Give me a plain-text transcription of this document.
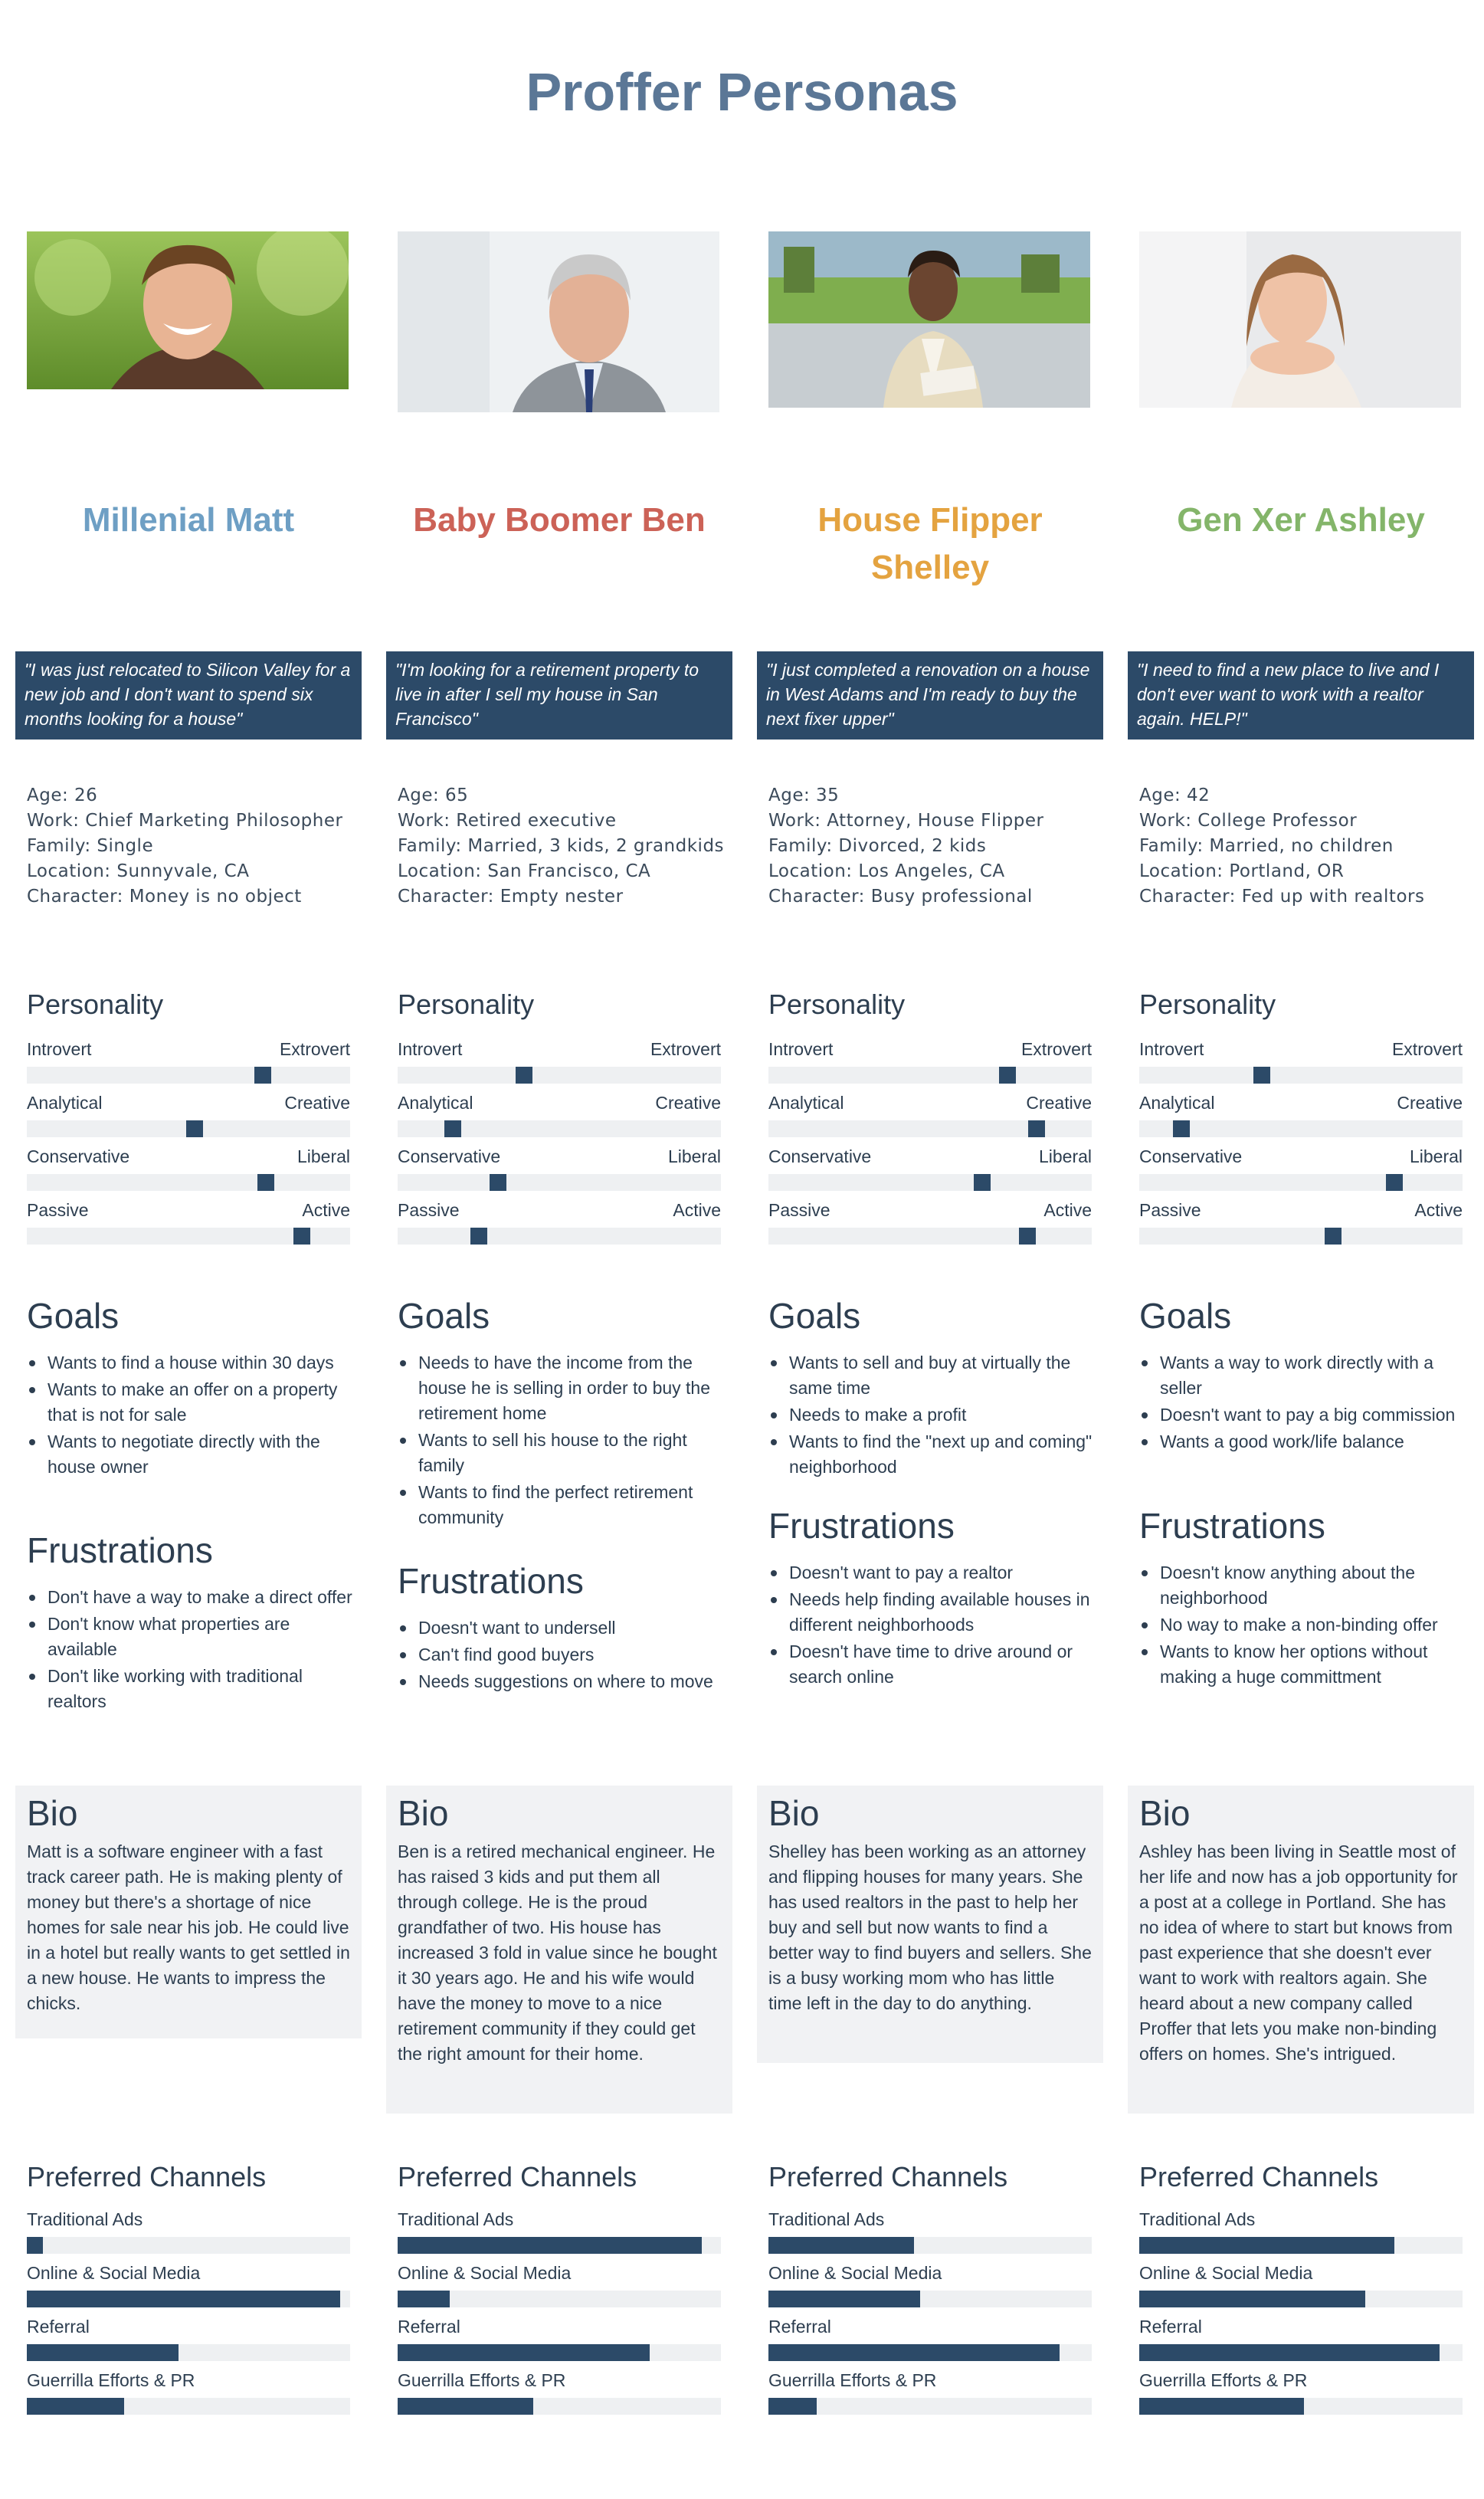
Proffer Personas
Millenial Matt
"I was just relocated to Silicon Valley for a new job and I don't want to spend six months looking for a house"
Age: 26
Work: Chief Marketing Philosopher
Family: Single
Location: Sunnyvale, CA
Character: Money is no object
Personality
Introvert	Extrovert
Analytical	Creative
Conservative	Liberal
Passive	Active
Goals
Wants to find a house within 30 days
Wants to make an offer on a property that is not for sale
Wants to negotiate directly with the house owner
Frustrations
Don't have a way to make a direct offer
Don't know what properties are available
Don't like working with traditional realtors
Bio

Matt is a software engineer with a fast track career path. He is making plenty of money but there's a shortage of nice homes for sale near his job. He could live in a hotel but really wants to get settled in a new house. He wants to impress the chicks.

Preferred Channels
Traditional Ads
Online & Social Media
Referral
Guerrilla Efforts & PR
Baby Boomer Ben
"I'm looking for a retirement property to live in after I sell my house in San Francisco"
Age: 65
Work: Retired executive
Family: Married, 3 kids, 2 grandkids
Location: San Francisco, CA
Character: Empty nester
Personality
Introvert	Extrovert
Analytical	Creative
Conservative	Liberal
Passive	Active
Goals
Needs to have the income from the house he is selling in order to buy the retirement home
Wants to sell his house to the right family
Wants to find the perfect retirement community
Frustrations
Doesn't want to undersell
Can't find good buyers
Needs suggestions on where to move
Bio

Ben is a retired mechanical engineer. He has raised 3 kids and put them all through college. He is the proud grandfather of two. His house has increased 3 fold in value since he bought it 30 years ago. He and his wife would have the money to move to a nice retirement community if they could get the right amount for their home.

Preferred Channels
Traditional Ads
Online & Social Media
Referral
Guerrilla Efforts & PR
House Flipper Shelley
"I just completed a renovation on a house in West Adams and I'm ready to buy the next fixer upper"
Age: 35
Work: Attorney, House Flipper
Family: Divorced, 2 kids
Location: Los Angeles, CA
Character: Busy professional
Personality
Introvert	Extrovert
Analytical	Creative
Conservative	Liberal
Passive	Active
Goals
Wants to sell and buy at virtually the same time
Needs to make a profit
Wants to find the "next up and coming" neighborhood
Frustrations
Doesn't want to pay a realtor
Needs help finding available houses in different neighborhoods
Doesn't have time to drive around or search online
Bio

Shelley has been working as an attorney and flipping houses for many years. She has used realtors in the past to help her buy and sell but now wants to find a better way to find buyers and sellers. She is a busy working mom who has little time left in the day to do anything.

Preferred Channels
Traditional Ads
Online & Social Media
Referral
Guerrilla Efforts & PR
Gen Xer Ashley
"I need to find a new place to live and I don't ever want to work with a realtor again. HELP!"
Age: 42
Work: College Professor
Family: Married, no children
Location: Portland, OR
Character: Fed up with realtors
Personality
Introvert	Extrovert
Analytical	Creative
Conservative	Liberal
Passive	Active
Goals
Wants a way to work directly with a seller
Doesn't want to pay a big commission
Wants a good work/life balance
Frustrations
Doesn't know anything about the neighborhood
No way to make a non-binding offer
Wants to know her options without making a huge committment
Bio

Ashley has been living in Seattle most of her life and now has a job opportunity for a post at a college in Portland. She has no idea of where to start but knows from past experience that she doesn't ever want to work with realtors again. She heard about a new company called Proffer that lets you make non-binding offers on homes. She's intrigued.

Preferred Channels
Traditional Ads
Online & Social Media
Referral
Guerrilla Efforts & PR
